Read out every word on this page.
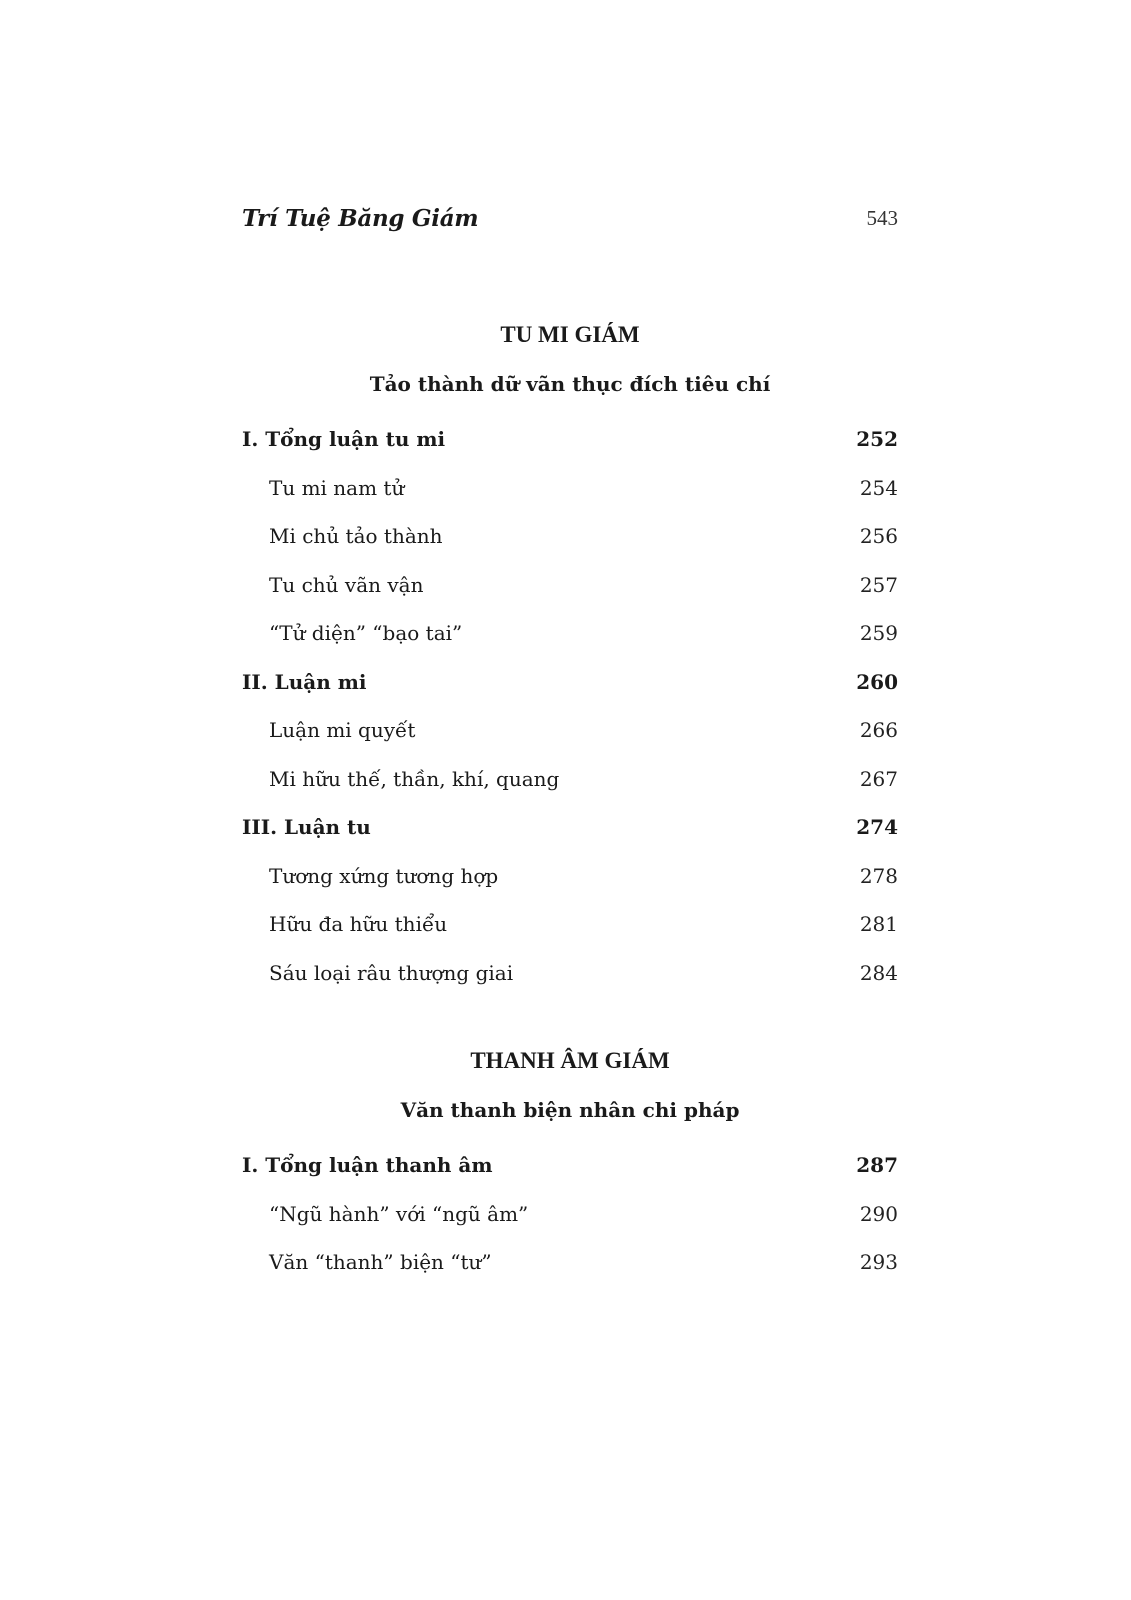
Trí Tuệ Băng Giám	543
TU MI GIÁM
Tảo thành dữ vãn thục đích tiêu chí
I. Tổng luận tu mi	252
Tu mi nam tử	254
Mi chủ tảo thành	256
Tu chủ vãn vận	257
“Tử diện” “bạo tai”	259
II. Luận mi	260
Luận mi quyết	266
Mi hữu thế, thần, khí, quang	267
III. Luận tu	274
Tương xứng tương hợp	278
Hữu đa hữu thiểu	281
Sáu loại râu thượng giai	284
THANH ÂM GIÁM
Văn thanh biện nhân chi pháp
I. Tổng luận thanh âm	287
“Ngũ hành” với “ngũ âm”	290
Văn “thanh” biện “tư”	293
